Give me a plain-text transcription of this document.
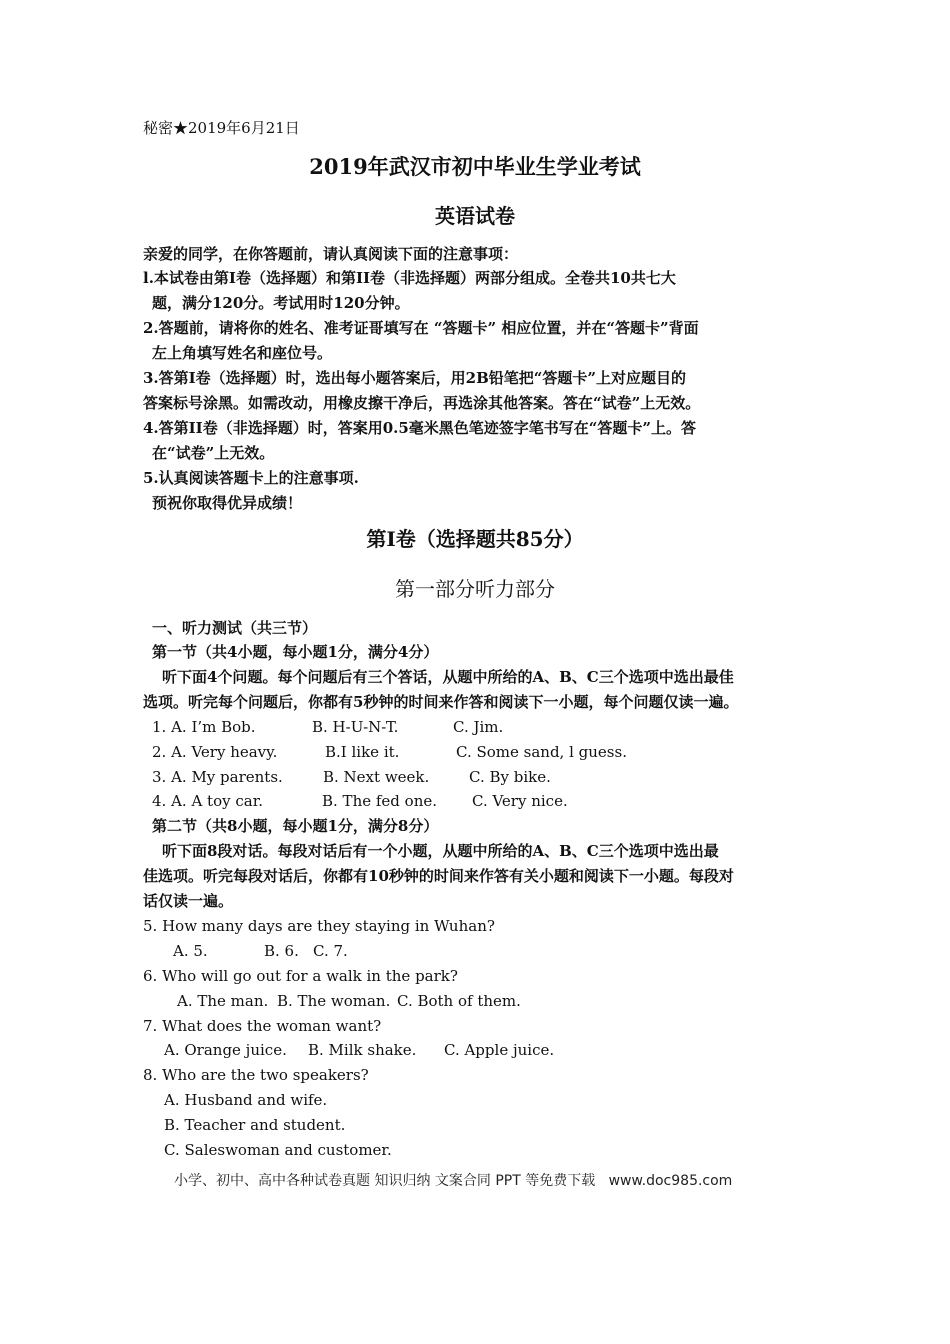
秘密★2019年6月21日
2019年武汉市初中毕业生学业考试
英语试卷
亲爱的同学，在你答题前，请认真阅读下面的注意事项：
l.本试卷由第I卷（选择题）和第II卷（非选择题）两部分组成。全卷共10共七大
题，满分120分。考试用时120分钟。
2.答题前，请将你的姓名、准考证哥填写在 “答题卡” 相应位置，并在“答题卡”背面
左上角填写姓名和座位号。
3.答第I卷（选择题）时，选出每小题答案后，用2B铅笔把“答题卡”上对应题目的
答案标号涂黑。如需改动，用橡皮擦干净后，再选涂其他答案。答在“试卷”上无效。
4.答第II卷（非选择题）时，答案用0.5毫米黑色笔迹签字笔书写在“答题卡”上。答
在“试卷”上无效。
5.认真阅读答题卡上的注意事项.
预祝你取得优异成绩！
第I卷（选择题共85分）
第一部分听力部分
一、听力测试（共三节）
第一节（共4小题，每小题1分，满分4分）
听下面4个问题。每个问题后有三个答话，从题中所给的A、B、C三个选项中选出最佳
选项。听完每个问题后，你都有5秒钟的时间来作答和阅读下一小题，每个问题仅读一遍。
1. A. I’m Bob.	B. H-U-N-T.	C. Jim.
2. A. Very heavy.	B.I like it.	C. Some sand, l guess.
3. A. My parents.	B. Next week.	C. By bike.
4. A. A toy car.	B. The fed one. C. Very nice.
第二节（共8小题，每小题1分，满分8分）
听下面8段对话。每段对话后有一个小题，从题中所给的A、B、C三个选项中选出最
佳选项。听完每段对话后，你都有10秒钟的时间来作答有关小题和阅读下一小题。每段对
话仅读一遍。
5. How many days are they staying in Wuhan?
A. 5.	B. 6. C. 7.
6. Who will go out for a walk in the park?
A. The man. B. The woman. C. Both of them.
7. What does the woman want?
A. Orange juice. B. Milk shake. C. Apple juice.
8. Who are the two speakers?
A. Husband and wife.
B. Teacher and student.
C. Saleswoman and customer.
小学、初中、高中各种试卷真题 知识归纳 文案合同 PPT 等免费下载   www.doc985.com
